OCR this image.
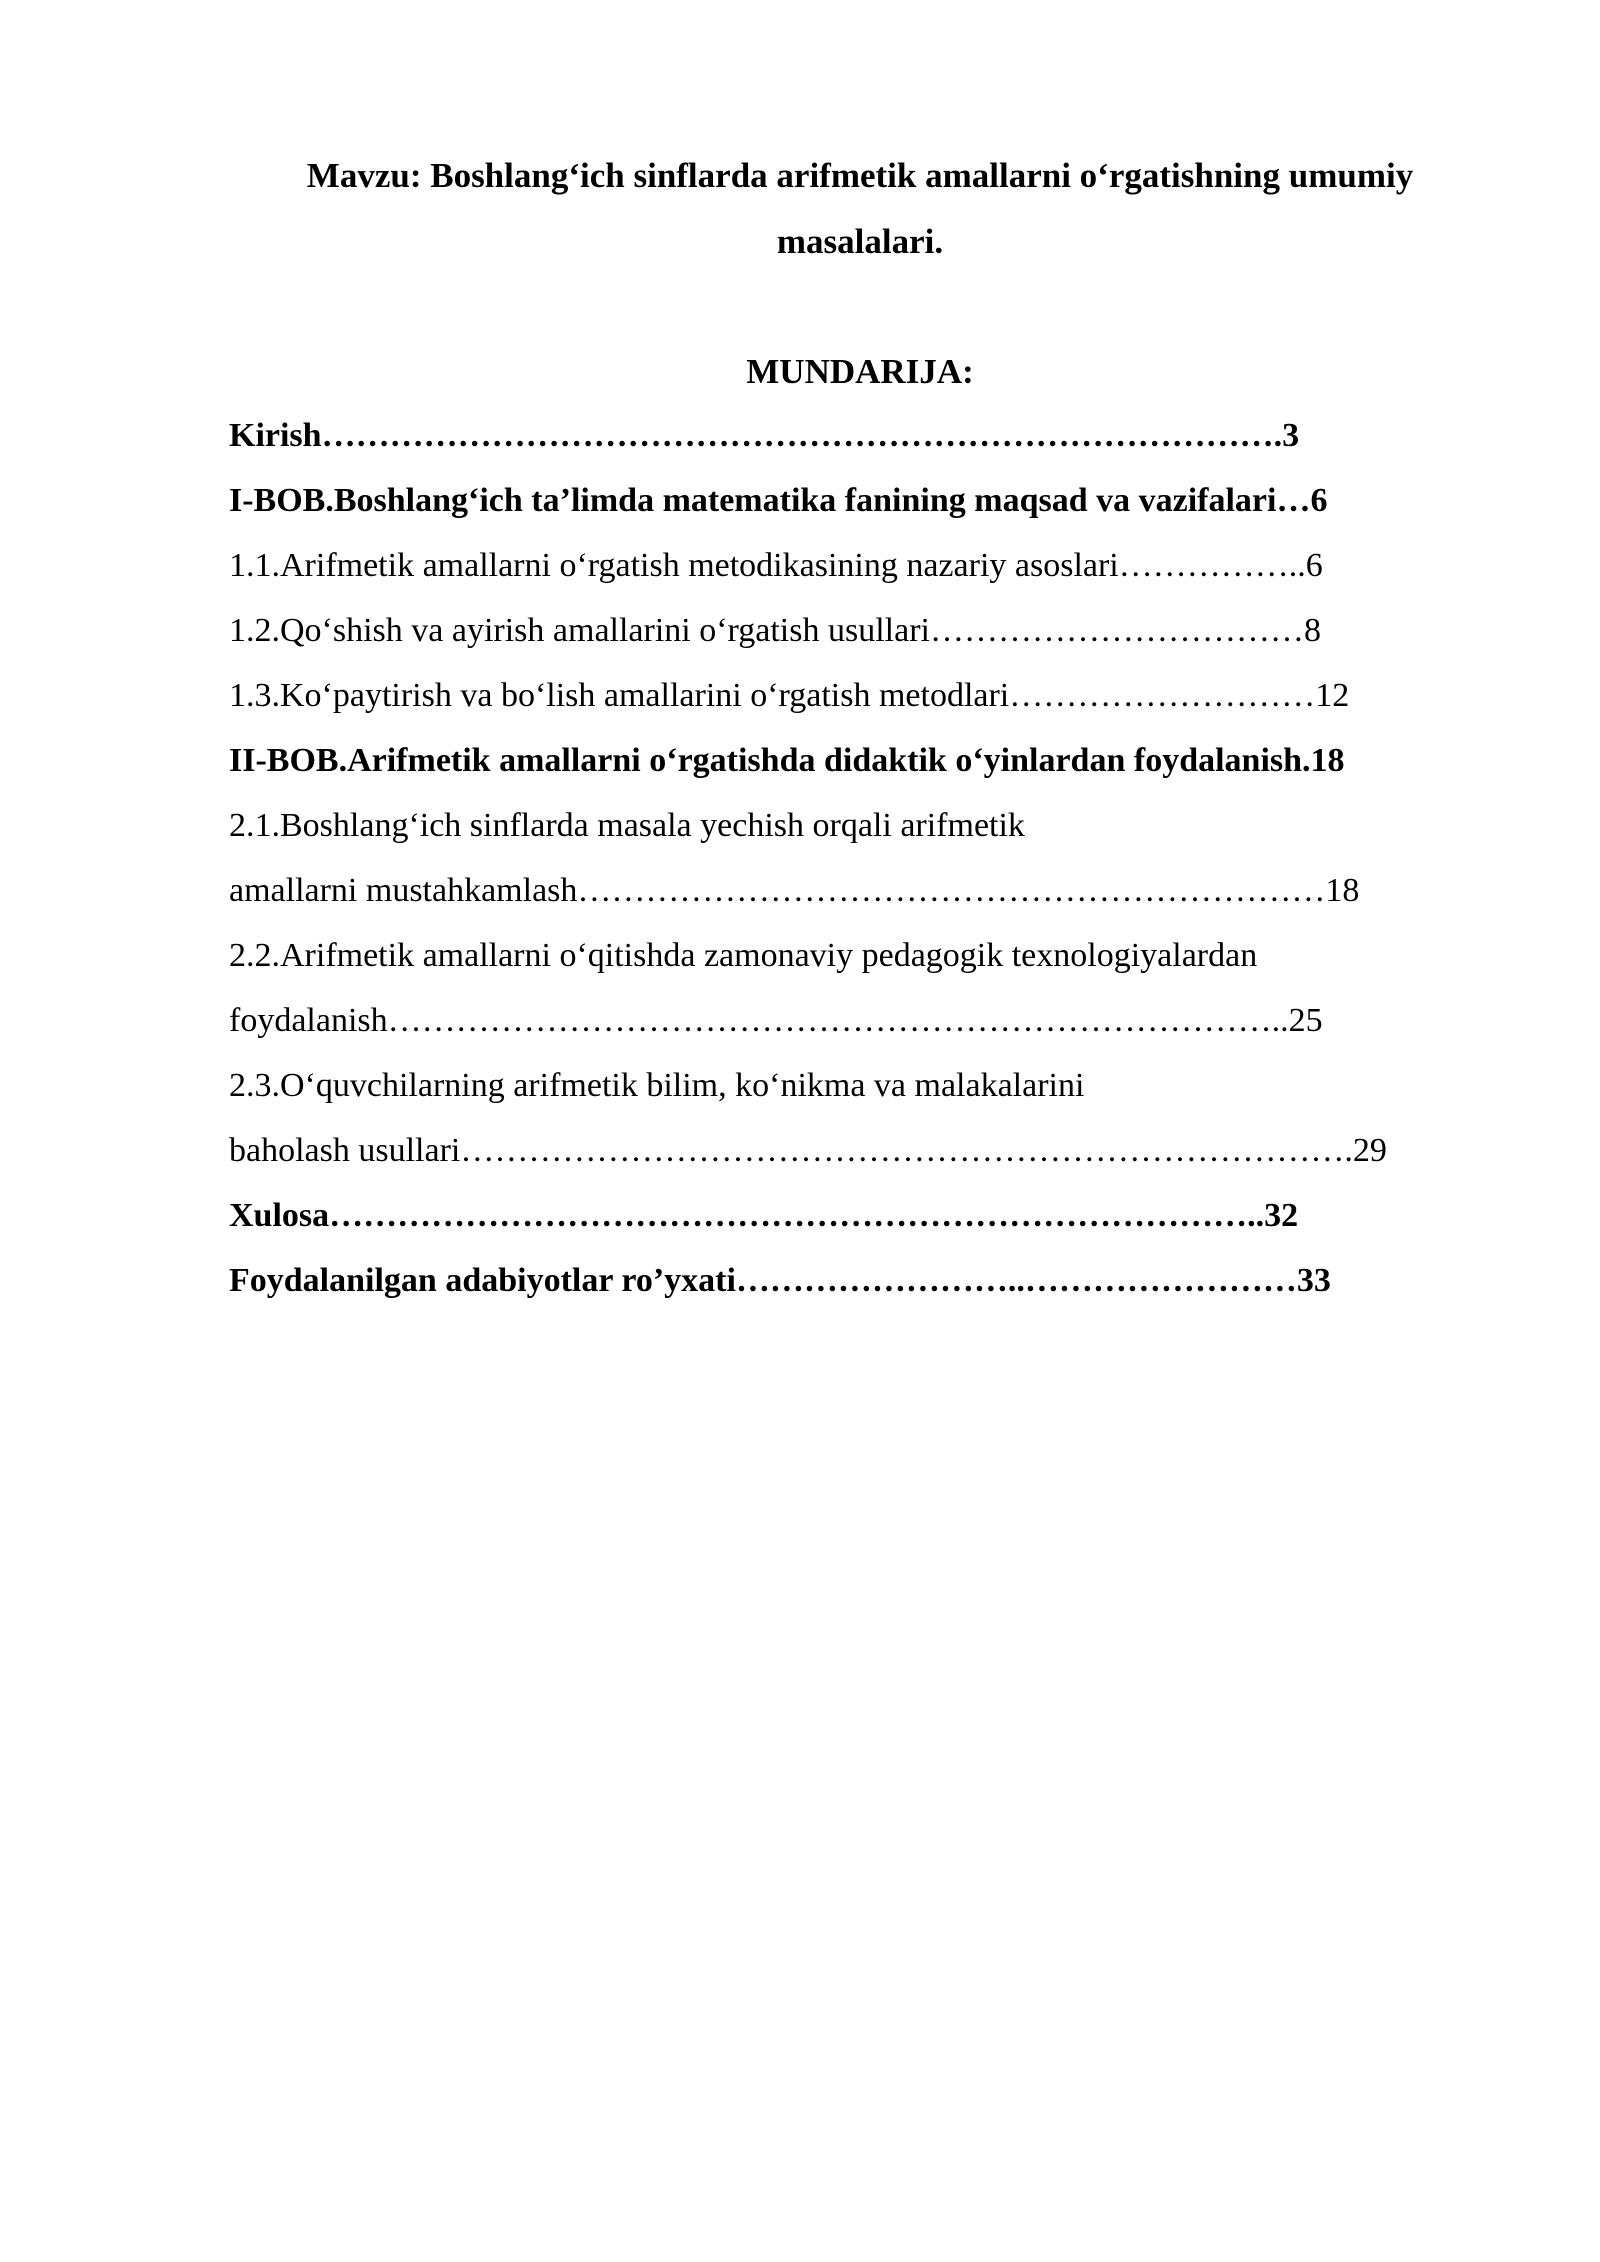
Mavzu: Boshlang‘ich sinflarda arifmetik amallarni o‘rgatishning umumiy
masalalari.
MUNDARIJA:
Kirish………………………………………………………………………….3
I-BOB.Boshlang‘ich ta’limda matematika fanining maqsad va vazifalari…6
1.1.Arifmetik amallarni o‘rgatish metodikasining nazariy asoslari……………..6
1.2.Qo‘shish va ayirish amallarini o‘rgatish usullari……………………………8
1.3.Ko‘paytirish va bo‘lish amallarini o‘rgatish metodlari………………………12
II-BOB.Arifmetik amallarni o‘rgatishda didaktik o‘yinlardan foydalanish.18
2.1.Boshlang‘ich sinflarda masala yechish orqali arifmetik
amallarni mustahkamlash…………………………………………………………18
2.2.Arifmetik amallarni o‘qitishda zamonaviy pedagogik texnologiyalardan
foydalanish……………………………………………………………………..25
2.3.O‘quvchilarning arifmetik bilim, ko‘nikma va malakalarini
baholash usullari…………………………………………………………………….29
Xulosa………………………………………………………………………..32
Foydalanilgan adabiyotlar ro’yxati……………………..……………………33
